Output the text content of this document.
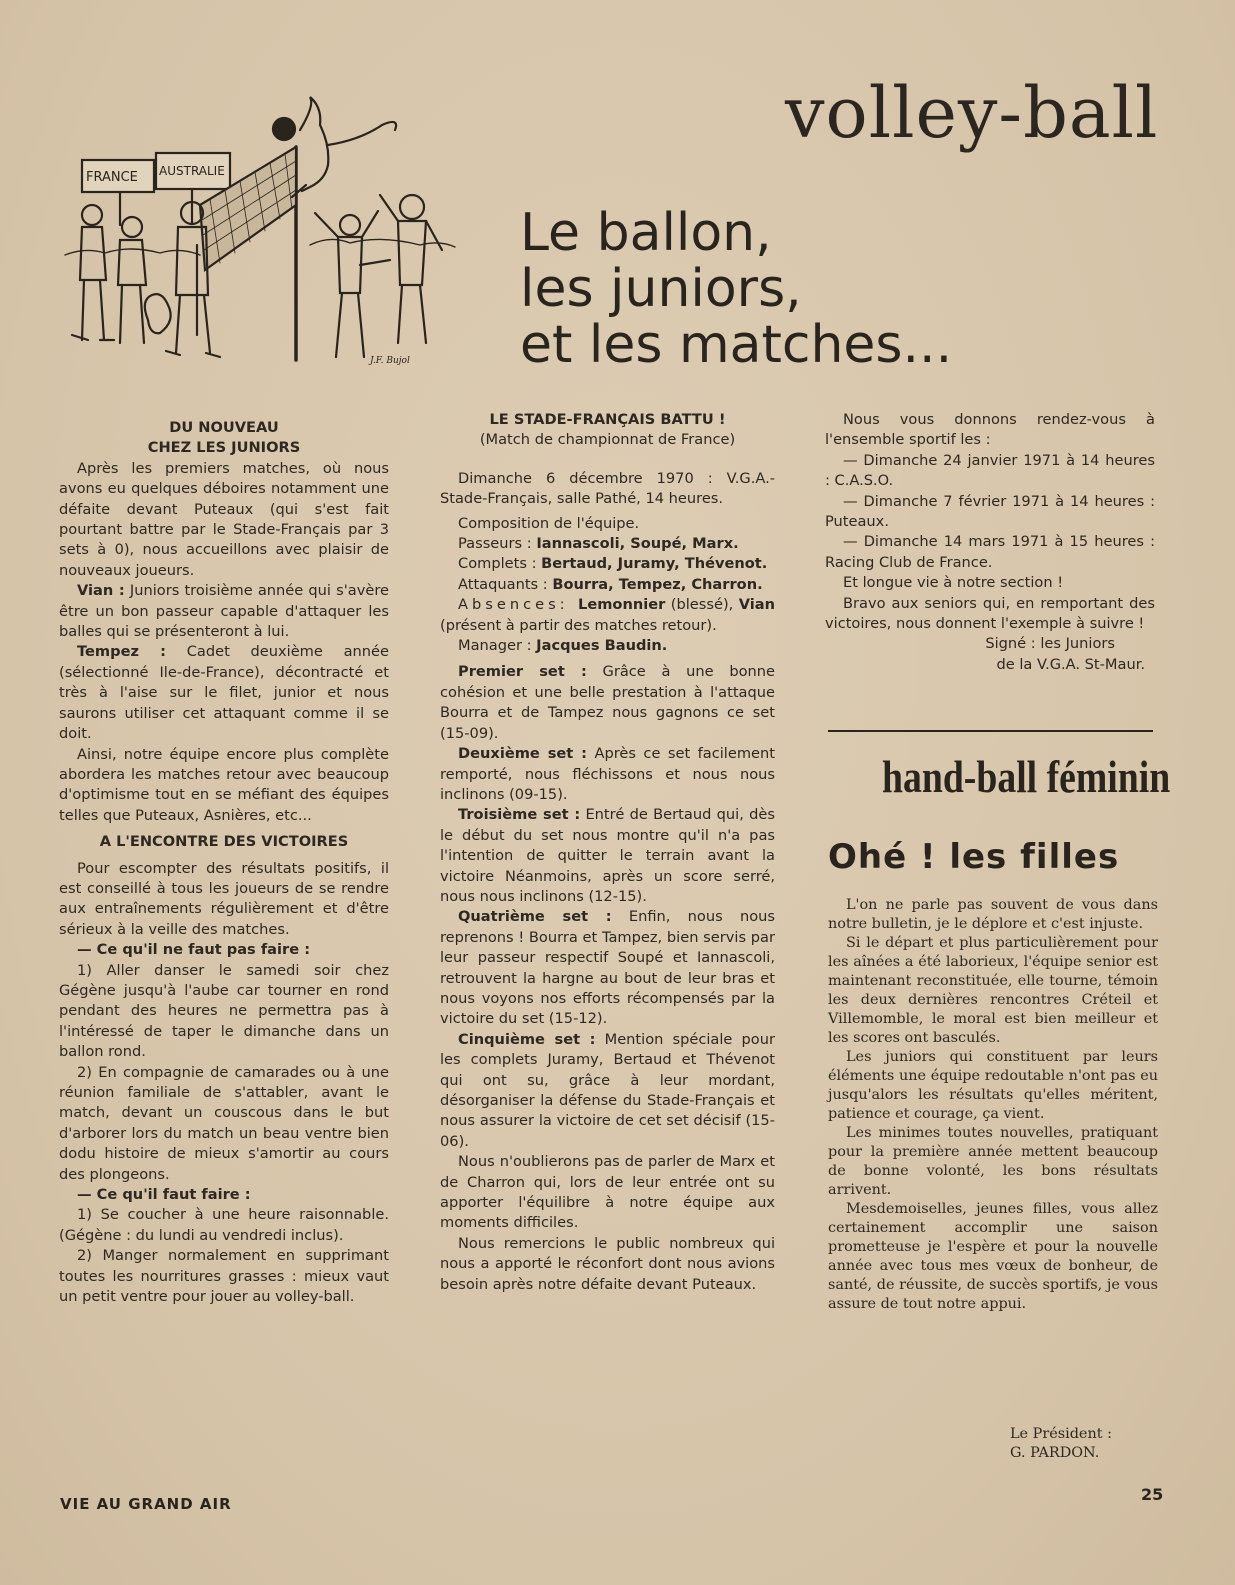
volley-ball
FRANCE AUSTRALIE
J.F. Bujol
Le ballon,
les juniors,
et les matches...

DU NOUVEAU

CHEZ LES JUNIORS

Après les premiers matches, où nous avons eu quelques déboires notamment une défaite devant Puteaux (qui s'est fait pourtant battre par le Stade-Français par 3 sets à 0), nous accueillons avec plaisir de nouveaux joueurs.

Vian : Juniors troisième année qui s'avère être un bon passeur capable d'attaquer les balles qui se présenteront à lui.

Tempez : Cadet deuxième année (sélectionné Ile-de-France), décontracté et très à l'aise sur le filet, junior et nous saurons utiliser cet attaquant comme il se doit.

Ainsi, notre équipe encore plus complète abordera les matches retour avec beaucoup d'optimisme tout en se méfiant des équipes telles que Puteaux, Asnières, etc...

A L'ENCONTRE DES VICTOIRES

Pour escompter des résultats positifs, il est conseillé à tous les joueurs de se rendre aux entraînements régulièrement et d'être sérieux à la veille des matches.

— Ce qu'il ne faut pas faire :

1) Aller danser le samedi soir chez Gégène jusqu'à l'aube car tourner en rond pendant des heures ne permettra pas à l'intéressé de taper le dimanche dans un ballon rond.

2) En compagnie de camarades ou à une réunion familiale de s'attabler, avant le match, devant un couscous dans le but d'arborer lors du match un beau ventre bien dodu histoire de mieux s'amortir au cours des plongeons.

— Ce qu'il faut faire :

1) Se coucher à une heure raisonnable. (Gégène : du lundi au vendredi inclus).

2) Manger normalement en supprimant toutes les nourritures grasses : mieux vaut un petit ventre pour jouer au volley-ball.

LE STADE-FRANÇAIS BATTU !

(Match de championnat de France)

Dimanche 6 décembre 1970 : V.G.A.-Stade-Français, salle Pathé, 14 heures.

Composition de l'équipe.

Passeurs : Iannascoli, Soupé, Marx.

Complets : Bertaud, Juramy, Thévenot.

Attaquants : Bourra, Tempez, Charron.

Absences: Lemonnier (blessé), Vian (présent à partir des matches retour).

Manager : Jacques Baudin.

Premier set : Grâce à une bonne cohésion et une belle prestation à l'attaque Bourra et de Tampez nous gagnons ce set (15-09).

Deuxième set : Après ce set facilement remporté, nous fléchissons et nous nous inclinons (09-15).

Troisième set : Entré de Bertaud qui, dès le début du set nous montre qu'il n'a pas l'intention de quitter le terrain avant la victoire Néanmoins, après un score serré, nous nous inclinons (12-15).

Quatrième set : Enfin, nous nous reprenons ! Bourra et Tampez, bien servis par leur passeur respectif Soupé et Iannascoli, retrouvent la hargne au bout de leur bras et nous voyons nos efforts récompensés par la victoire du set (15-12).

Cinquième set : Mention spéciale pour les complets Juramy, Bertaud et Thévenot qui ont su, grâce à leur mordant, désorganiser la défense du Stade-Français et nous assurer la victoire de cet set décisif (15-06).

Nous n'oublierons pas de parler de Marx et de Charron qui, lors de leur entrée ont su apporter l'équilibre à notre équipe aux moments difficiles.

Nous remercions le public nombreux qui nous a apporté le réconfort dont nous avions besoin après notre défaite devant Puteaux.

Nous vous donnons rendez-vous à l'ensemble sportif les :

— Dimanche 24 janvier 1971 à 14 heures : C.A.S.O.

— Dimanche 7 février 1971 à 14 heures : Puteaux.

— Dimanche 14 mars 1971 à 15 heures : Racing Club de France.

Et longue vie à notre section !

Bravo aux seniors qui, en remportant des victoires, nous donnent l'exemple à suivre !

Signé : les Juniors

de la V.G.A. St-Maur.

hand-ball féminin
Ohé ! les filles

L'on ne parle pas souvent de vous dans notre bulletin, je le déplore et c'est injuste.

Si le départ et plus particulièrement pour les aînées a été laborieux, l'équipe senior est maintenant reconstituée, elle tourne, témoin les deux dernières rencontres Créteil et Villemomble, le moral est bien meilleur et les scores ont basculés.

Les juniors qui constituent par leurs éléments une équipe redoutable n'ont pas eu jusqu'alors les résultats qu'elles méritent, patience et courage, ça vient.

Les minimes toutes nouvelles, pratiquant pour la première année mettent beaucoup de bonne volonté, les bons résultats arrivent.

Mesdemoiselles, jeunes filles, vous allez certainement accomplir une saison prometteuse je l'espère et pour la nouvelle année avec tous mes vœux de bonheur, de santé, de réussite, de succès sportifs, je vous assure de tout notre appui.

Le Président :
G. PARDON.
VIE AU GRAND AIR	25
